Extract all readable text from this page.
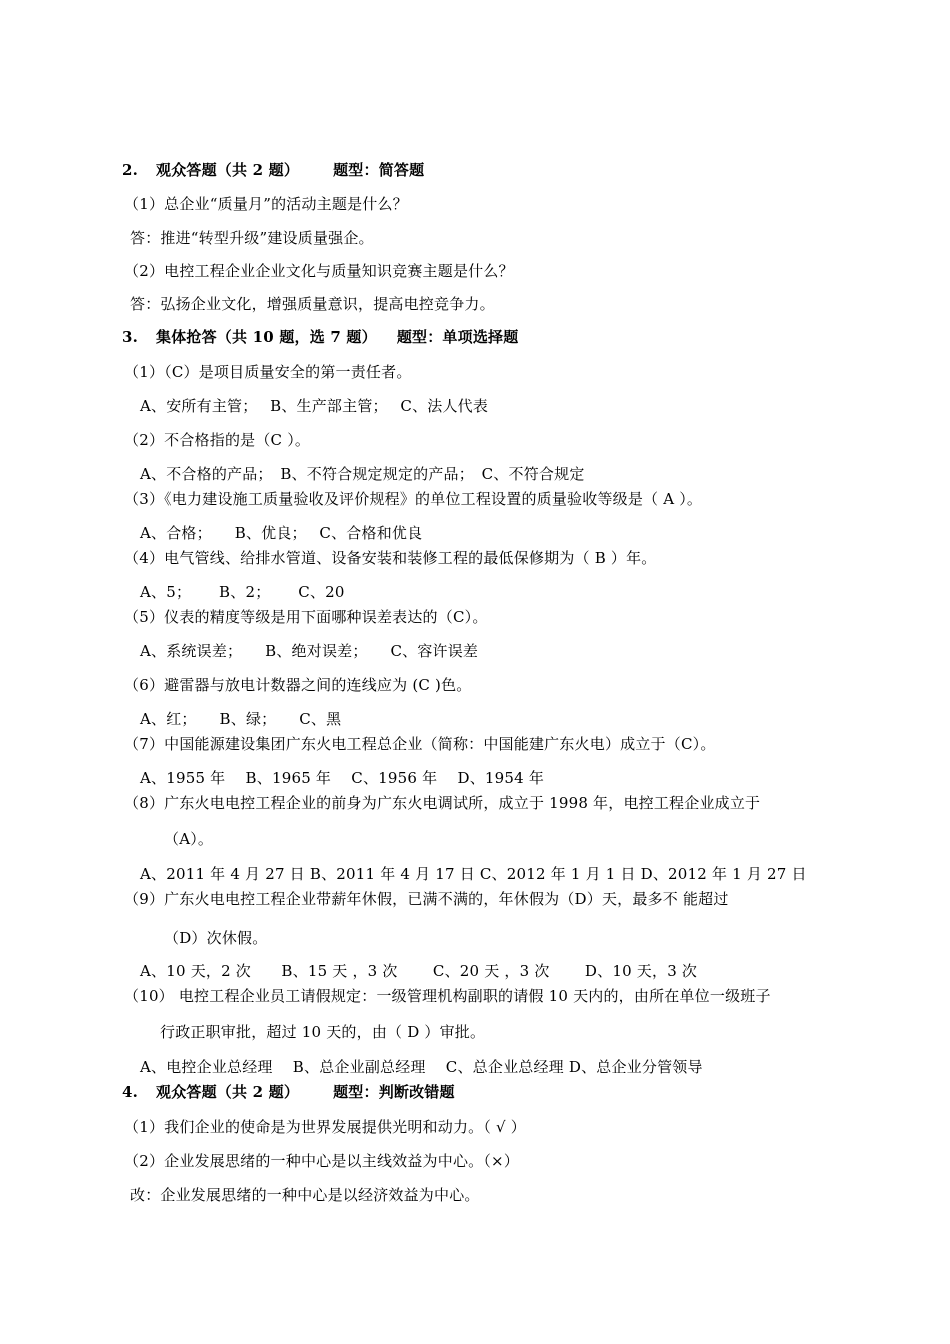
2. 观众答题（共 2 题） 题型：简答题
（1）总企业“质量月”的活动主题是什么？
答：推进“转型升级”建设质量强企。
（2）电控工程企业企业文化与质量知识竞赛主题是什么？
答：弘扬企业文化，增强质量意识，提高电控竞争力。
3. 集体抢答（共 10 题，选 7 题） 题型：单项选择题
（1）（C）是项目质量安全的第一责任者。
A、安所有主管；　 B、生产部主管；　 C、法人代表
（2）不合格指的是（C ）。
A、不合格的产品；　B、不符合规定规定的产品；　C、不符合规定
（3）《电力建设施工质量验收及评价规程》的单位工程设置的质量验收等级是（ A ）。
A、合格；　　B、优良；　 C、合格和优良
（4）电气管线、给排水管道、设备安装和装修工程的最低保修期为（ B ）年。
A、5；　　 B、2；　　 C、20
（5）仪表的精度等级是用下面哪种误差表达的（C）。
A、系统误差；　　B、绝对误差；　　C、容许误差
（6）避雷器与放电计数器之间的连线应为 (C )色。
A、红；　　B、绿；　　C、黑
（7）中国能源建设集团广东火电工程总企业（简称：中国能建广东火电）成立于（C）。
A、1955 年　 B、1965 年　 C、1956 年　 D、1954 年
（8）广东火电电控工程企业的前身为广东火电调试所，成立于 1998 年，电控工程企业成立于
（A）。
A、2011 年 4 月 27 日 B、2011 年 4 月 17 日 C、2012 年 1 月 1 日 D、2012 年 1 月 27 日
（9）广东火电电控工程企业带薪年休假，已满不满的，年休假为（D）天，最多不 能超过
（D）次休假。
A、10 天，2 次　　B、15 天 ，3 次　　 C、20 天 ，3 次　　 D、10 天，3 次
（10） 电控工程企业员工请假规定：一级管理机构副职的请假 10 天内的，由所在单位一级班子
行政正职审批，超过 10 天的，由（ D ）审批。
A、电控企业总经理　 B、总企业副总经理　 C、总企业总经理 D、总企业分管领导
4. 观众答题（共 2 题） 题型：判断改错题
（1）我们企业的使命是为世界发展提供光明和动力。（ √ ）
（2）企业发展思绪的一种中心是以主线效益为中心。（×）
改：企业发展思绪的一种中心是以经济效益为中心。
